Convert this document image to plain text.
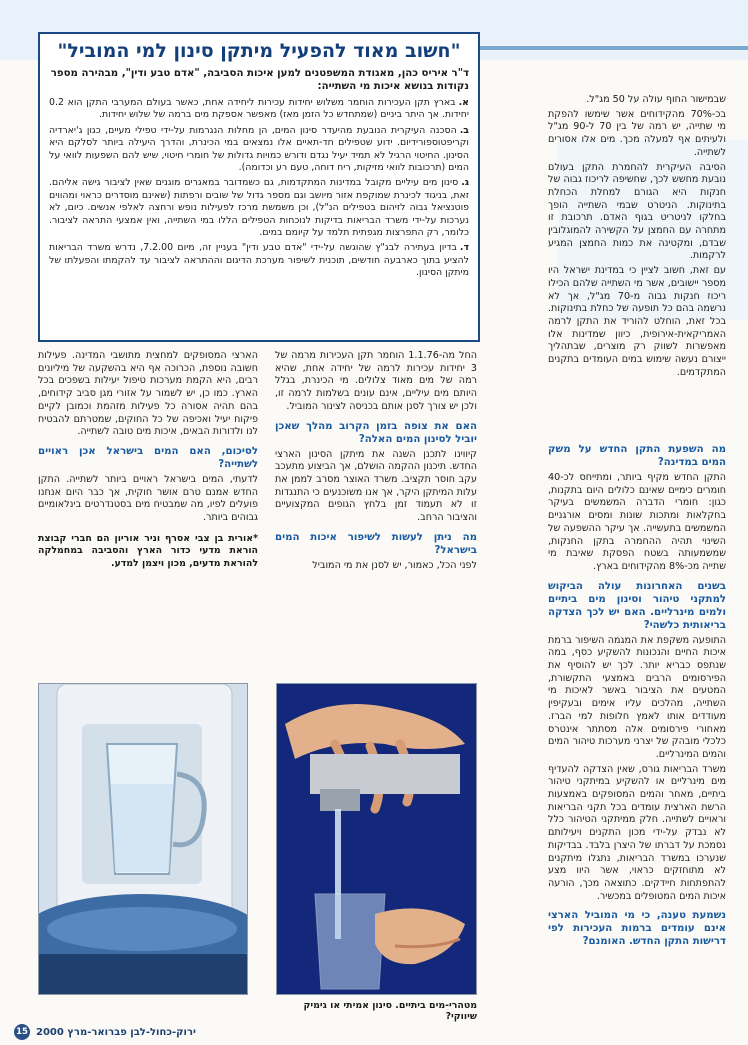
"חשוב מאוד להפעיל מיתקן סינון למי המוביל"

ד"ר איריס כהן, מאגודת המשפטנים למען איכות הסביבה, "אדם טבע ודין", מבהירה מספר נקודות בנושא איכות מי השתייה:

א.בארץ תקן העכירות הוחמר משלוש יחידות עכירות ליחידה אחת, כאשר בעולם המערבי התקן הוא 0.2 יחידות. אך היתר ביניים (שמתחדש כל הזמן מאז) מאפשר אספקת מים ברמה של שלוש יחידות.
ב.הסכנה העיקרית הנובעת מהיעדר סינון המים, הן מחלות הנגרמות על-ידי טפילי מעיים, כגון ג'יארדיה וקריפטוספורידיום. ידוע שטפילים חד-תאיים אלו נמצאים במי הכינרת, והדרך היעילה ביותר לסלקם היא הסינון. החיטוי הרגיל לא תמיד יעיל נגדם ודורש כמויות גדולות של חומרי חיטוי, שיש להם השפעות לוואי על המים (תרכובות לוואי מזיקות, ריח דוחה, טעם רע וכדומה).
ג.סינון מים עיליים מקובל במדינות המתקדמות, גם כשמדובר במאגרים מוגנים שאין לציבור גישה אליהם. זאת, בניגוד לכינרת שמוקפת אזור מיושב וגם מספר גדול של שובים ורפתות (שאינם מוסדרים כראוי ומהווים פוטנציאל גבוה לזיהום בטפילים הנ"ל), וכן משמשת מרכז לפעילות נופש ורחצה לאלפי אנשים. כיום, לא נערכות על-ידי משרד הבריאות בדיקות לנוכחות הטפילים הללו במי השתייה, ואין אמצעי התראה לציבור. כלומר, רק התפרצות מגפתית תלמד על קיומם במים.
ד.בדיון בעתירה לבג"ץ שהוגשה על-ידי "אדם טבע ודין" בעניין זה, מיום 7.2.00, נדרש משרד הבריאות להציע בתוך כארבעה חודשים, תוכנית לשיפור מערכת הדיגום וההתראה לציבור עד להקמתו והפעלתו של מיתקן הסינון.

שבמישור החוף עולה על 50 מג"ל.

בכ-70% מהקידוחים אשר שימשו להפקת מי שתייה, יש רמה של בין 70 ל-90 מג"ל ולעיתים אף למעלה מכך. מים אלו אסורים לשתייה.

הסיבה העיקרית להחמרת התקן בעולם נובעת מחשש לכך, שחשיפה לריכוז גבוה של חנקות היא הגורם למחלת הכחלת בתינוקות. הניטרט שבמי השתייה הופך בחלקו לניטריט בגוף האדם. תרכובת זו מתחרה עם החמצן על הקשירה להמוגלובין שבדם, ומקטינה את כמות החמצן המגיע לרקמות.

עם זאת, חשוב לציין כי במדינת ישראל היו מספר יישובים, אשר מי השתייה שלהם הכילו ריכוז חנקות גבוה מ-70 מג"ל, אך לא נרשמה בהם כל תופעה של כחלת בתינוקות. בכל זאת, הוחלט להוריד את התקן לרמה האמריקאית-אירופית, כיוון שמדינות אלו מאפשרות לשווק רק מוצרים, שבתהליך ייצורם נעשה שימוש במים העומדים בתקנים המתקדמים.

מה השפעת התקן החדש על משק המים במדינה?

התקן החדש מקיף ביותר, ומתייחס לכ-40 חומרים כימיים שאינם כלולים היום בתקנות, כגון: חומרי הדברה המשמשים בעיקר בחקלאות ומתכות שונות ומסים אורגניים המשמשים בתעשייה. אך עיקר ההשפעה של השינוי תהיה ההחמרה בתקן החנקות, שמשמעותה בשטח הפסקת שאיבת מי שתייה מכ-8% מהקידוחים בארץ.

בשנים האחרונות עולה הביקוש למתקני טיהור וסינון מים ביתיים ולמים מינרליים. האם יש לכך הצדקה בריאותית כלשהי?

התופעה משקפת את המגמה השיפור ברמת איכות החיים והנכונות להשקיע כסף, במה שנתפס כבריא יותר. לכך יש להוסיף את הפירסומים הרבים באמצעי התקשורת, המטעים את הציבור באשר לאיכות מי השתייה, מהלכים עליו אימים ובעקיפין מעודדים אותו לאמץ חלופות למי הברז. מאחורי פירסומים אלה מסתתר אינטרס כלכלי מובהק של יצרני מערכות טיהור המים והמים המינרליים.

משרד הבריאות גורס, שאין הצדקה להעדיף מים מינרליים או להשקיע במיתקני טיהור ביתיים, מאחר והמים המסופקים באמצעות הרשת הארצית עומדים בכל תקני הבריאות וראויים לשתייה. חלק ממיתקני הטיהור כלל לא נבדק על-ידי מכון התקנים ויעילותם נסמכת על דברתו של היצרן בלבד. בבדיקות שנערכו במשרד הבריאות, נתגלו מיתקנים לא מתוחזקים כראוי, אשר היוו מצע להתפתחות חיידקים. כתוצאה מכך, הורעה איכות המים המטופלים במכשיר.

נשמעת טענה, כי מי המוביל הארצי אינם עומדים ברמות העכירות לפי דרישות התקן החדש. האומנם?

החל מה-1.1.76 הוחמר תקן העכירות מרמה של 3 יחידות עכירות לרמה של יחידה אחת, שהיא רמה של מים מאוד צלולים. מי הכינרת, בגלל היותם מים עיליים, אינם עונים בשלמות לרמה זו, ולכן יש צורך לסנן אותם בכניסה לצינור המוביל.

האם את צופה בזמן הקרוב מהלך שאכן יוביל לסינון המים האלה?

קיווינו לתכנן השנה את מיתקן הסינון הארצי החדש. תיכנון ההקמה הושלם, אך הביצוע מתעכב עקב חוסר תקציב. משרד האוצר מסרב לממן את עלות המיתקן היקר, אך אנו משוכנעים כי התנגדות זו לא תעמוד זמן בלחץ הגופים המקצועיים והציבור הרחב.

מה ניתן לעשות לשיפור איכות המים בישראל?

לפני הכל, כאמור, יש לסנן את מי המוביל

הארצי המסופקים למחצית מתושבי המדינה. פעילות חשובה נוספת, הכרוכה אף היא בהשקעה של מיליונים רבים, היא הקמת מערכות טיפול יעילות בשפכים בכל הארץ. כמו כן, יש לשמור על אזורי מגן סביב קידוחים, בהם תהיה אסורה כל פעילות מזהמת וכמובן לקיים פיקוח יעיל ואכיפה של כל החוקים, שמטרתם להבטיח לנו ולדורות הבאים, איכות מים טובה לשתייה.

לסיכום, האם המים בישראל אכן ראויים לשתייה?

לדעתי, המים בישראל ראויים ביותר לשתייה. התקן החדש אמנם טרם אושר חוקית, אך כבר היום אנחנו פועלים לפיו, מה שמבטיח מים בסטנדרטים בינלאומיים גבוהים ביותר.

*אורית בן צבי אסרף וניר אוריון הם חברי קבוצת הוראת מדעי כדור הארץ והסביבה במחמלקה להוראת מדעים, מכון ויצמן למדע.

מטהרי-מים ביתיים. סינון אמיתי או גימיק שיווקי?
15 ירוק-כחול-לבן פברואר-מרץ 2000
